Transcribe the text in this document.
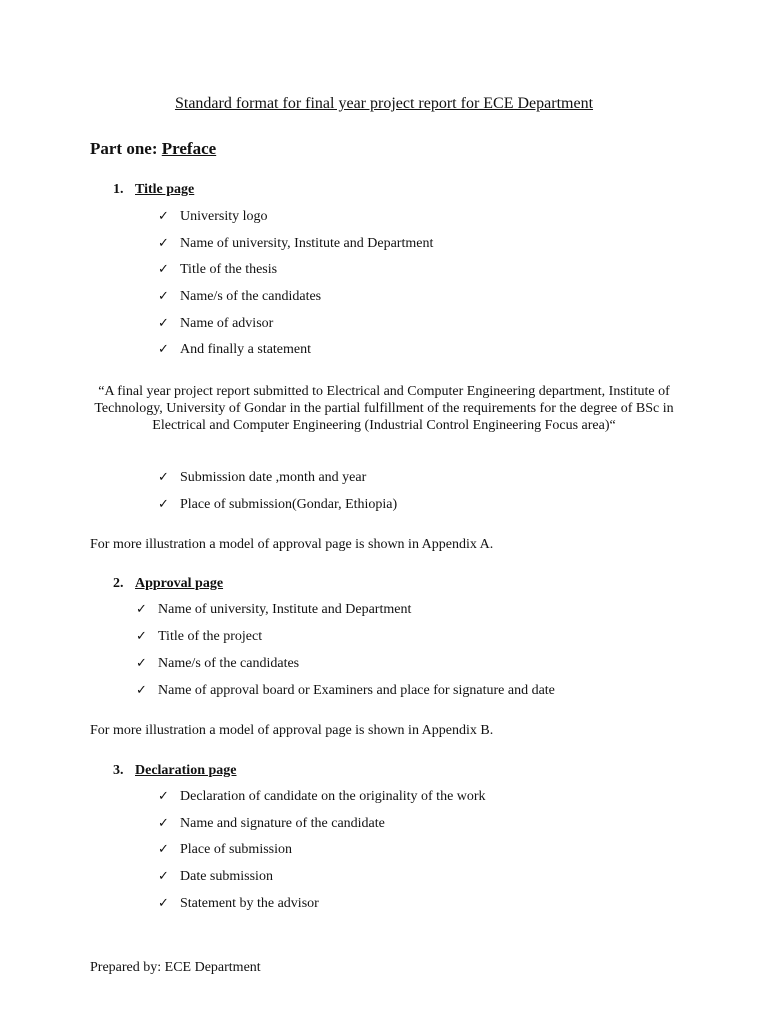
Standard format for final year project report for ECE Department
Part one: Preface
1. Title page
✓ University logo
✓ Name of university, Institute and Department
✓ Title of the thesis
✓ Name/s of the candidates
✓ Name of advisor
✓ And finally a statement
“A final year project report submitted to Electrical and Computer Engineering department, Institute of Technology, University of Gondar in the partial fulfillment of the requirements for the degree of BSc in Electrical and Computer Engineering (Industrial Control Engineering Focus area)“
✓ Submission date ,month and year
✓ Place of submission(Gondar, Ethiopia)
For more illustration a model of approval page is shown in Appendix A.
2. Approval page
✓ Name of university, Institute and Department
✓ Title of the project
✓ Name/s of the candidates
✓ Name of approval board or Examiners and place for signature and date
For more illustration a model of approval page is shown in Appendix B.
3. Declaration page
✓ Declaration of candidate on the originality of the work
✓ Name and signature of the candidate
✓ Place of submission
✓ Date submission
✓ Statement by the advisor
Prepared by: ECE Department
